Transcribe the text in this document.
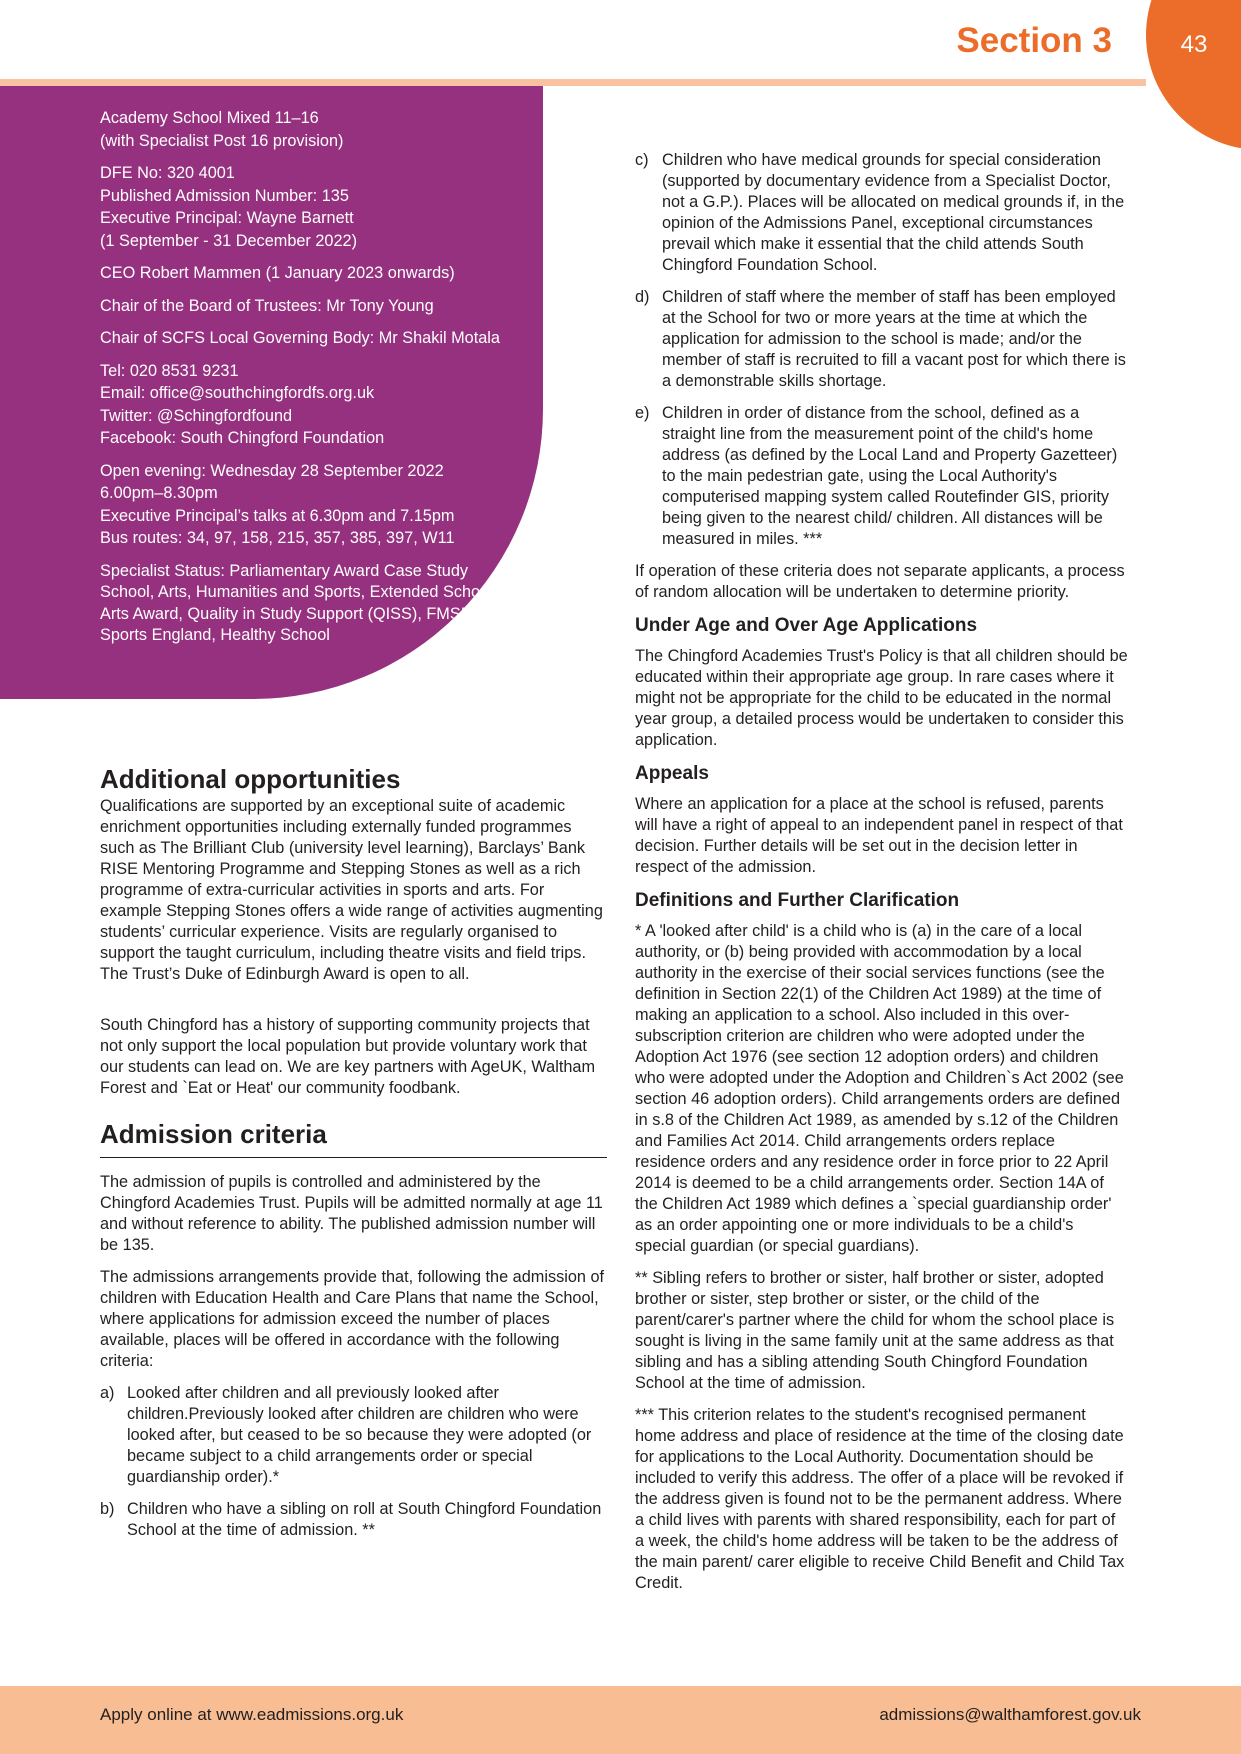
43
Section 3

Academy School Mixed 11–16

(with Specialist Post 16 provision)

DFE No: 320 4001

Published Admission Number: 135

Executive Principal: Wayne Barnett

(1 September - 31 December 2022)

CEO Robert Mammen (1 January 2023 onwards)

Chair of the Board of Trustees: Mr Tony Young

Chair of SCFS Local Governing Body: Mr Shakil Motala

Tel: 020 8531 9231

Email: office@southchingfordfs.org.uk

Twitter: @Schingfordfound

Facebook: South Chingford Foundation

Open evening: Wednesday 28 September 2022

6.00pm–8.30pm

Executive Principal’s talks at 6.30pm and 7.15pm

Bus routes: 34, 97, 158, 215, 357, 385, 397, W11

Specialist Status: Parliamentary Award Case Study School, Arts, Humanities and Sports, Extended School, Arts Award, Quality in Study Support (QISS), FMSIS, Sports England, Healthy School

Additional opportunities

Qualifications are supported by an exceptional suite of academic enrichment opportunities including externally funded programmes such as The Brilliant Club (university level learning), Barclays’ Bank RISE Mentoring Programme and Stepping Stones as well as a rich programme of extra-curricular activities in sports and arts. For example Stepping Stones offers a wide range of activities augmenting students’ curricular experience. Visits are regularly organised to support the taught curriculum, including theatre visits and field trips. The Trust’s Duke of Edinburgh Award is open to all.

South Chingford has a history of supporting community projects that not only support the local population but provide voluntary work that our students can lead on. We are key partners with AgeUK, Waltham Forest and `Eat or Heat' our community foodbank.

Admission criteria

The admission of pupils is controlled and administered by the Chingford Academies Trust. Pupils will be admitted normally at age 11 and without reference to ability. The published admission number will be 135.

The admissions arrangements provide that, following the admission of children with Education Health and Care Plans that name the School, where applications for admission exceed the number of places available, places will be offered in accordance with the following criteria:

a) Looked after children and all previously looked after children.Previously looked after children are children who were looked after, but ceased to be so because they were adopted (or became subject to a child arrangements order or special guardianship order).*
b) Children who have a sibling on roll at South Chingford Foundation School at the time of admission. **
c) Children who have medical grounds for special consideration (supported by documentary evidence from a Specialist Doctor, not a G.P.). Places will be allocated on medical grounds if, in the opinion of the Admissions Panel, exceptional circumstances prevail which make it essential that the child attends South Chingford Foundation School.
d) Children of staff where the member of staff has been employed at the School for two or more years at the time at which the application for admission to the school is made; and/or the member of staff is recruited to fill a vacant post for which there is a demonstrable skills shortage.
e) Children in order of distance from the school, defined as a straight line from the measurement point of the child's home address (as defined by the Local Land and Property Gazetteer) to the main pedestrian gate, using the Local Authority's computerised mapping system called Routefinder GIS, priority being given to the nearest child/ children. All distances will be measured in miles. ***

If operation of these criteria does not separate applicants, a process of random allocation will be undertaken to determine priority.

Under Age and Over Age Applications

The Chingford Academies Trust's Policy is that all children should be educated within their appropriate age group. In rare cases where it might not be appropriate for the child to be educated in the normal year group, a detailed process would be undertaken to consider this application.

Appeals

Where an application for a place at the school is refused, parents will have a right of appeal to an independent panel in respect of that decision. Further details will be set out in the decision letter in respect of the admission.

Definitions and Further Clarification

* A 'looked after child' is a child who is (a) in the care of a local authority, or (b) being provided with accommodation by a local authority in the exercise of their social services functions (see the definition in Section 22(1) of the Children Act 1989) at the time of making an application to a school. Also included in this over-subscription criterion are children who were adopted under the Adoption Act 1976 (see section 12 adoption orders) and children who were adopted under the Adoption and Children`s Act 2002 (see section 46 adoption orders). Child arrangements orders are defined in s.8 of the Children Act 1989, as amended by s.12 of the Children and Families Act 2014. Child arrangements orders replace residence orders and any residence order in force prior to 22 April 2014 is deemed to be a child arrangements order. Section 14A of the Children Act 1989 which defines a `special guardianship order' as an order appointing one or more individuals to be a child's special guardian (or special guardians).

** Sibling refers to brother or sister, half brother or sister, adopted brother or sister, step brother or sister, or the child of the parent/carer's partner where the child for whom the school place is sought is living in the same family unit at the same address as that sibling and has a sibling attending South Chingford Foundation School at the time of admission.

*** This criterion relates to the student's recognised permanent home address and place of residence at the time of the closing date for applications to the Local Authority. Documentation should be included to verify this address. The offer of a place will be revoked if the address given is found not to be the permanent address. Where a child lives with parents with shared responsibility, each for part of a week, the child's home address will be taken to be the address of the main parent/ carer eligible to receive Child Benefit and Child Tax Credit.

Apply online at www.eadmissions.org.uk	admissions@walthamforest.gov.uk
